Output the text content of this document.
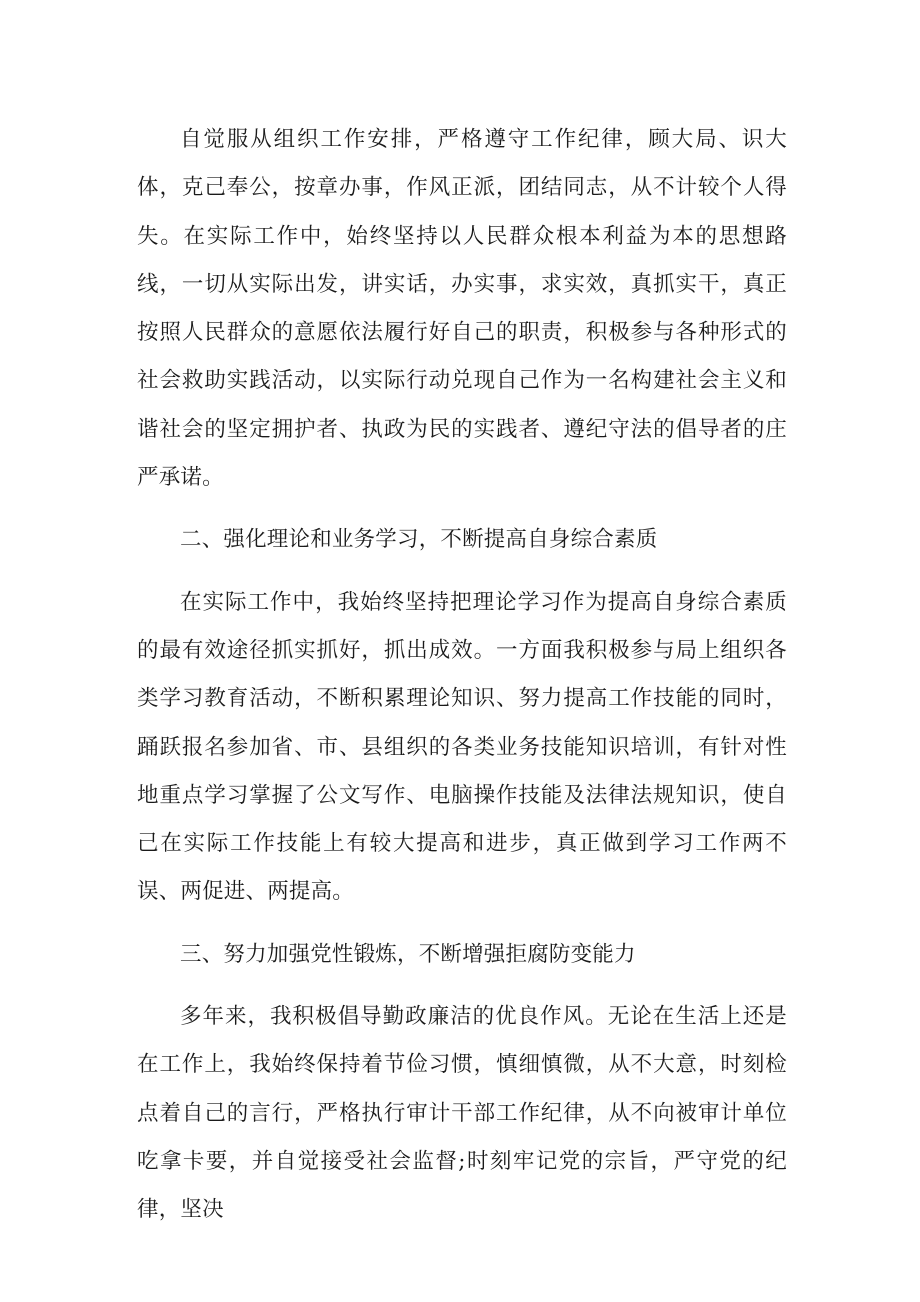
自觉服从组织工作安排，严格遵守工作纪律，顾大局、识大体，克己奉公，按章办事，作风正派，团结同志，从不计较个人得失。在实际工作中，始终坚持以人民群众根本利益为本的思想路线，一切从实际出发，讲实话，办实事，求实效，真抓实干，真正按照人民群众的意愿依法履行好自己的职责，积极参与各种形式的社会救助实践活动，以实际行动兑现自己作为一名构建社会主义和谐社会的坚定拥护者、执政为民的实践者、遵纪守法的倡导者的庄严承诺。

二、强化理论和业务学习，不断提高自身综合素质

在实际工作中，我始终坚持把理论学习作为提高自身综合素质的最有效途径抓实抓好，抓出成效。一方面我积极参与局上组织各类学习教育活动，不断积累理论知识、努力提高工作技能的同时，踊跃报名参加省、市、县组织的各类业务技能知识培训，有针对性地重点学习掌握了公文写作、电脑操作技能及法律法规知识，使自己在实际工作技能上有较大提高和进步，真正做到学习工作两不误、两促进、两提高。

三、努力加强党性锻炼，不断增强拒腐防变能力

多年来，我积极倡导勤政廉洁的优良作风。无论在生活上还是在工作上，我始终保持着节俭习惯，慎细慎微，从不大意，时刻检点着自己的言行，严格执行审计干部工作纪律，从不向被审计单位吃拿卡要，并自觉接受社会监督;时刻牢记党的宗旨，严守党的纪律，坚决
